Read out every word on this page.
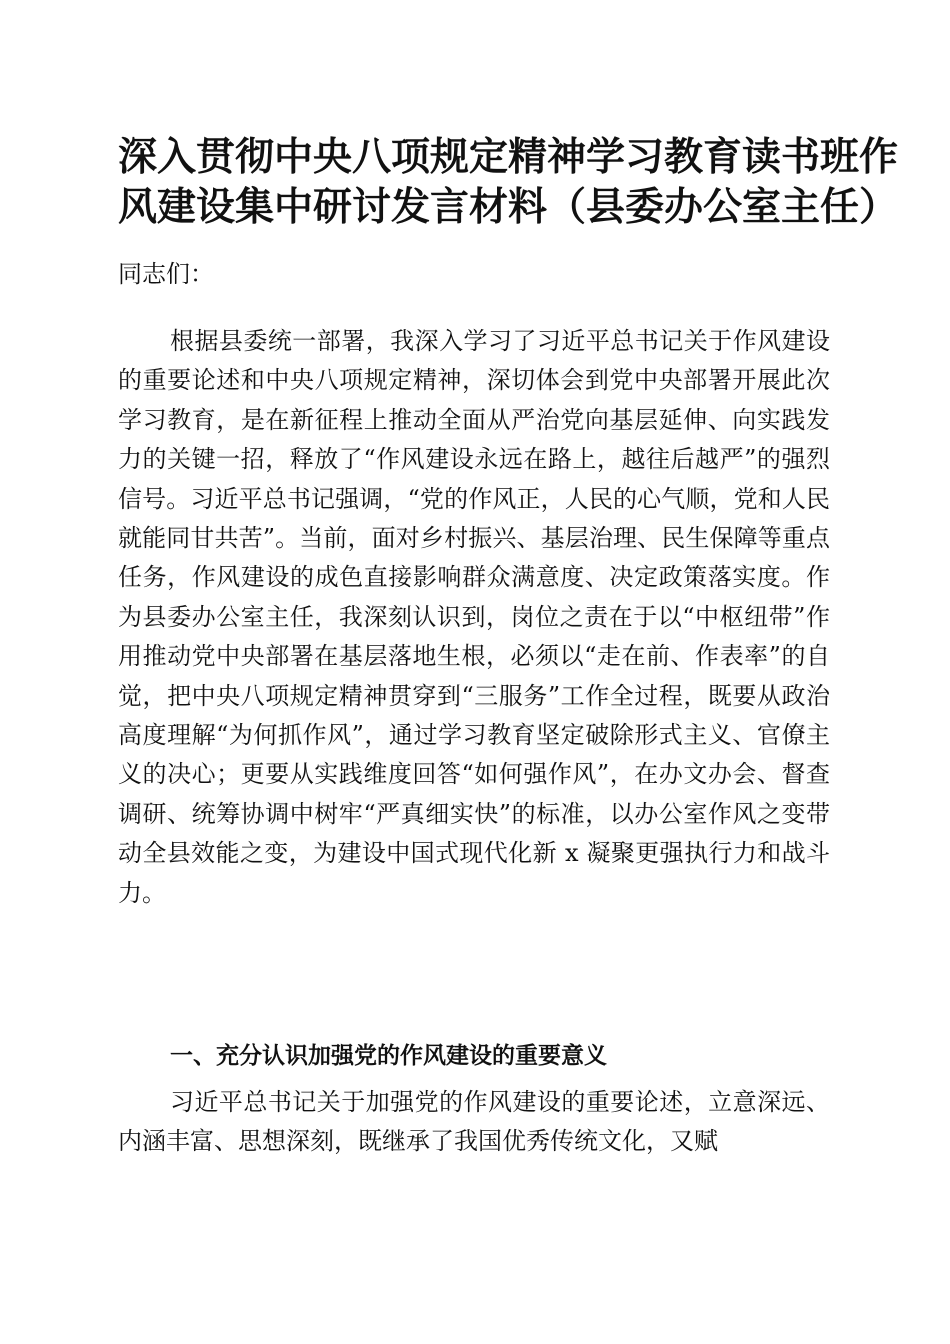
深入贯彻中央八项规定精神学习教育读书班作
风建设集中研讨发言材料（县委办公室主任）

同志们：

根据县委统一部署，我深入学习了习近平总书记关于作风建设的重要论述和中央八项规定精神，深切体会到党中央部署开展此次学习教育，是在新征程上推动全面从严治党向基层延伸、向实践发力的关键一招，释放了“作风建设永远在路上，越往后越严”的强烈信号。习近平总书记强调，“党的作风正，人民的心气顺，党和人民就能同甘共苦”。当前，面对乡村振兴、基层治理、民生保障等重点任务，作风建设的成色直接影响群众满意度、决定政策落实度。作为县委办公室主任，我深刻认识到，岗位之责在于以“中枢纽带”作用推动党中央部署在基层落地生根，必须以“走在前、作表率”的自觉，把中央八项规定精神贯穿到“三服务”工作全过程，既要从政治高度理解“为何抓作风”，通过学习教育坚定破除形式主义、官僚主义的决心；更要从实践维度回答“如何强作风”，在办文办会、督查调研、统筹协调中树牢“严真细实快”的标准，以办公室作风之变带动全县效能之变，为建设中国式现代化新 x 凝聚更强执行力和战斗力。

一、充分认识加强党的作风建设的重要意义

习近平总书记关于加强党的作风建设的重要论述，立意深远、内涵丰富、思想深刻，既继承了我国优秀传统文化，又赋
